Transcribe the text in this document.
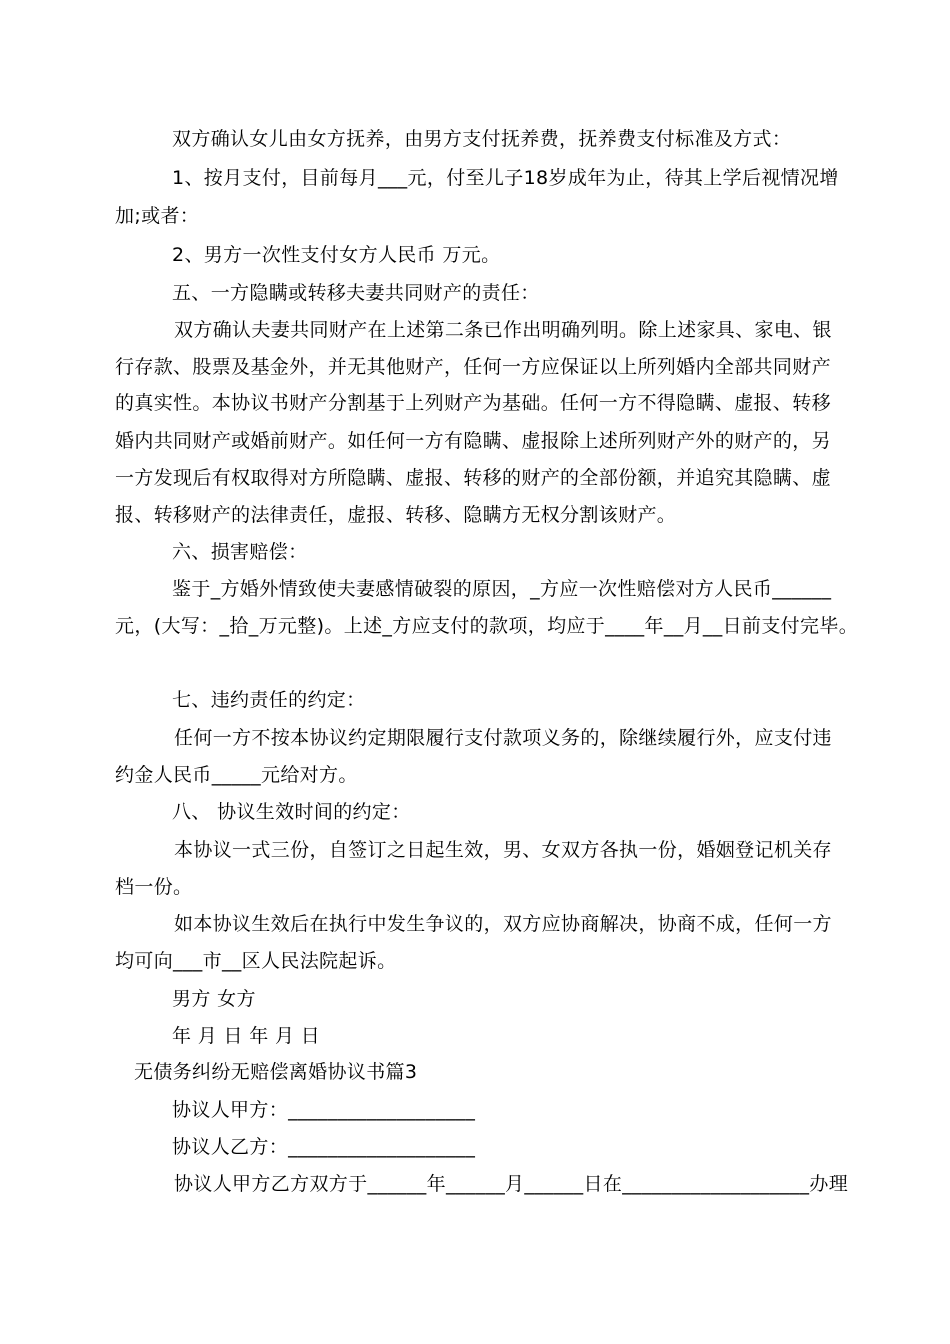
双方确认女儿由女方抚养，由男方支付抚养费，抚养费支付标准及方式：
1、按月支付，目前每月___元，付至儿子18岁成年为止，待其上学后视情况增
加;或者：
2、男方一次性支付女方人民币 万元。
五、一方隐瞒或转移夫妻共同财产的责任：
双方确认夫妻共同财产在上述第二条已作出明确列明。除上述家具、家电、银
行存款、股票及基金外，并无其他财产，任何一方应保证以上所列婚内全部共同财产
的真实性。本协议书财产分割基于上列财产为基础。任何一方不得隐瞒、虚报、转移
婚内共同财产或婚前财产。如任何一方有隐瞒、虚报除上述所列财产外的财产的，另
一方发现后有权取得对方所隐瞒、虚报、转移的财产的全部份额，并追究其隐瞒、虚
报、转移财产的法律责任，虚报、转移、隐瞒方无权分割该财产。
六、损害赔偿：
鉴于_方婚外情致使夫妻感情破裂的原因，_方应一次性赔偿对方人民币______
元，(大写：_拾_万元整)。上述_方应支付的款项，均应于____年__月__日前支付完毕。
七、违约责任的约定：
任何一方不按本协议约定期限履行支付款项义务的，除继续履行外，应支付违
约金人民币_____元给对方。
八、 协议生效时间的约定：
本协议一式三份，自签订之日起生效，男、女双方各执一份，婚姻登记机关存
档一份。
如本协议生效后在执行中发生争议的，双方应协商解决，协商不成，任何一方
均可向___市__区人民法院起诉。
男方 女方
年 月 日 年 月 日
无债务纠纷无赔偿离婚协议书篇3
协议人甲方：___________________
协议人乙方：___________________
协议人甲方乙方双方于______年______月______日在___________________办理
